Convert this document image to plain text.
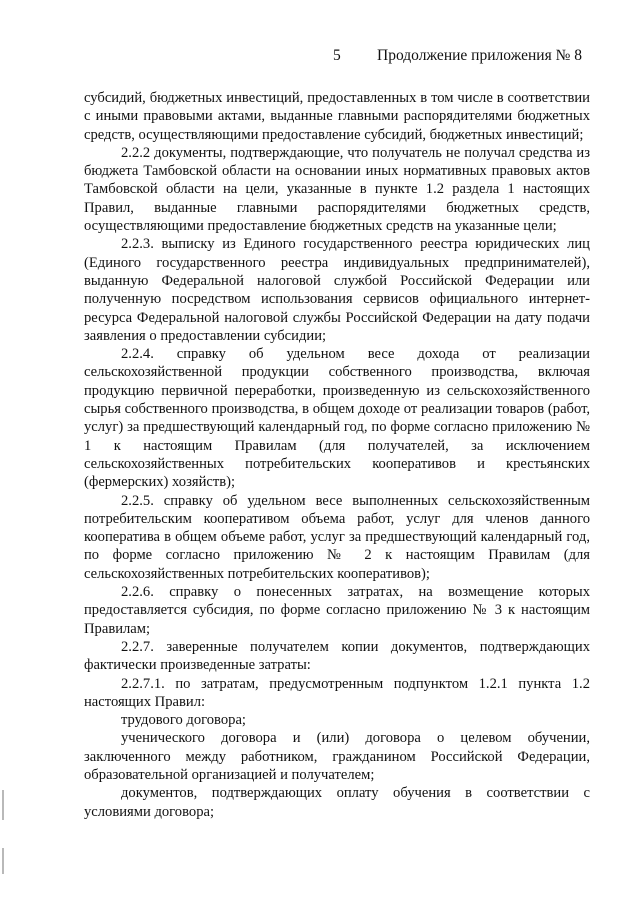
5 Продолжение приложения № 8

субсидий, бюджетных инвестиций, предоставленных в том числе в соответствии с иными правовыми актами, выданные главными распорядителями бюджетных средств, осуществляющими предоставление субсидий, бюджетных инвестиций;

2.2.2 документы, подтверждающие, что получатель не получал средства из бюджета Тамбовской области на основании иных нормативных правовых актов Тамбовской области на цели, указанные в пункте 1.2 раздела 1 настоящих Правил, выданные главными распорядителями бюджетных средств, осуществляющими предоставление бюджетных средств на указанные цели;

2.2.3. выписку из Единого государственного реестра юридических лиц (Единого государственного реестра индивидуальных предпринимателей), выданную Федеральной налоговой службой Российской Федерации или полученную посредством использования сервисов официального интернет-ресурса Федеральной налоговой службы Российской Федерации на дату подачи заявления о предоставлении субсидии;

2.2.4. справку об удельном весе дохода от реализации сельскохозяйственной продукции собственного производства, включая продукцию первичной переработки, произведенную из сельскохозяйственного сырья собственного производства, в общем доходе от реализации товаров (работ, услуг) за предшествующий календарный год, по форме согласно приложению № 1 к настоящим Правилам (для получателей, за исключением сельскохозяйственных потребительских кооперативов и крестьянских (фермерских) хозяйств);

2.2.5. справку об удельном весе выполненных сельскохозяйственным потребительским кооперативом объема работ, услуг для членов данного кооператива в общем объеме работ, услуг за предшествующий календарный год, по форме согласно приложению № 2 к настоящим Правилам (для сельскохозяйственных потребительских кооперативов);

2.2.6. справку о понесенных затратах, на возмещение которых предоставляется субсидия, по форме согласно приложению № 3 к настоящим Правилам;

2.2.7. заверенные получателем копии документов, подтверждающих фактически произведенные затраты:

2.2.7.1. по затратам, предусмотренным подпунктом 1.2.1 пункта 1.2 настоящих Правил:

трудового договора;

ученического договора и (или) договора о целевом обучении, заключенного между работником, гражданином Российской Федерации, образовательной организацией и получателем;

документов, подтверждающих оплату обучения в соответствии с условиями договора;
